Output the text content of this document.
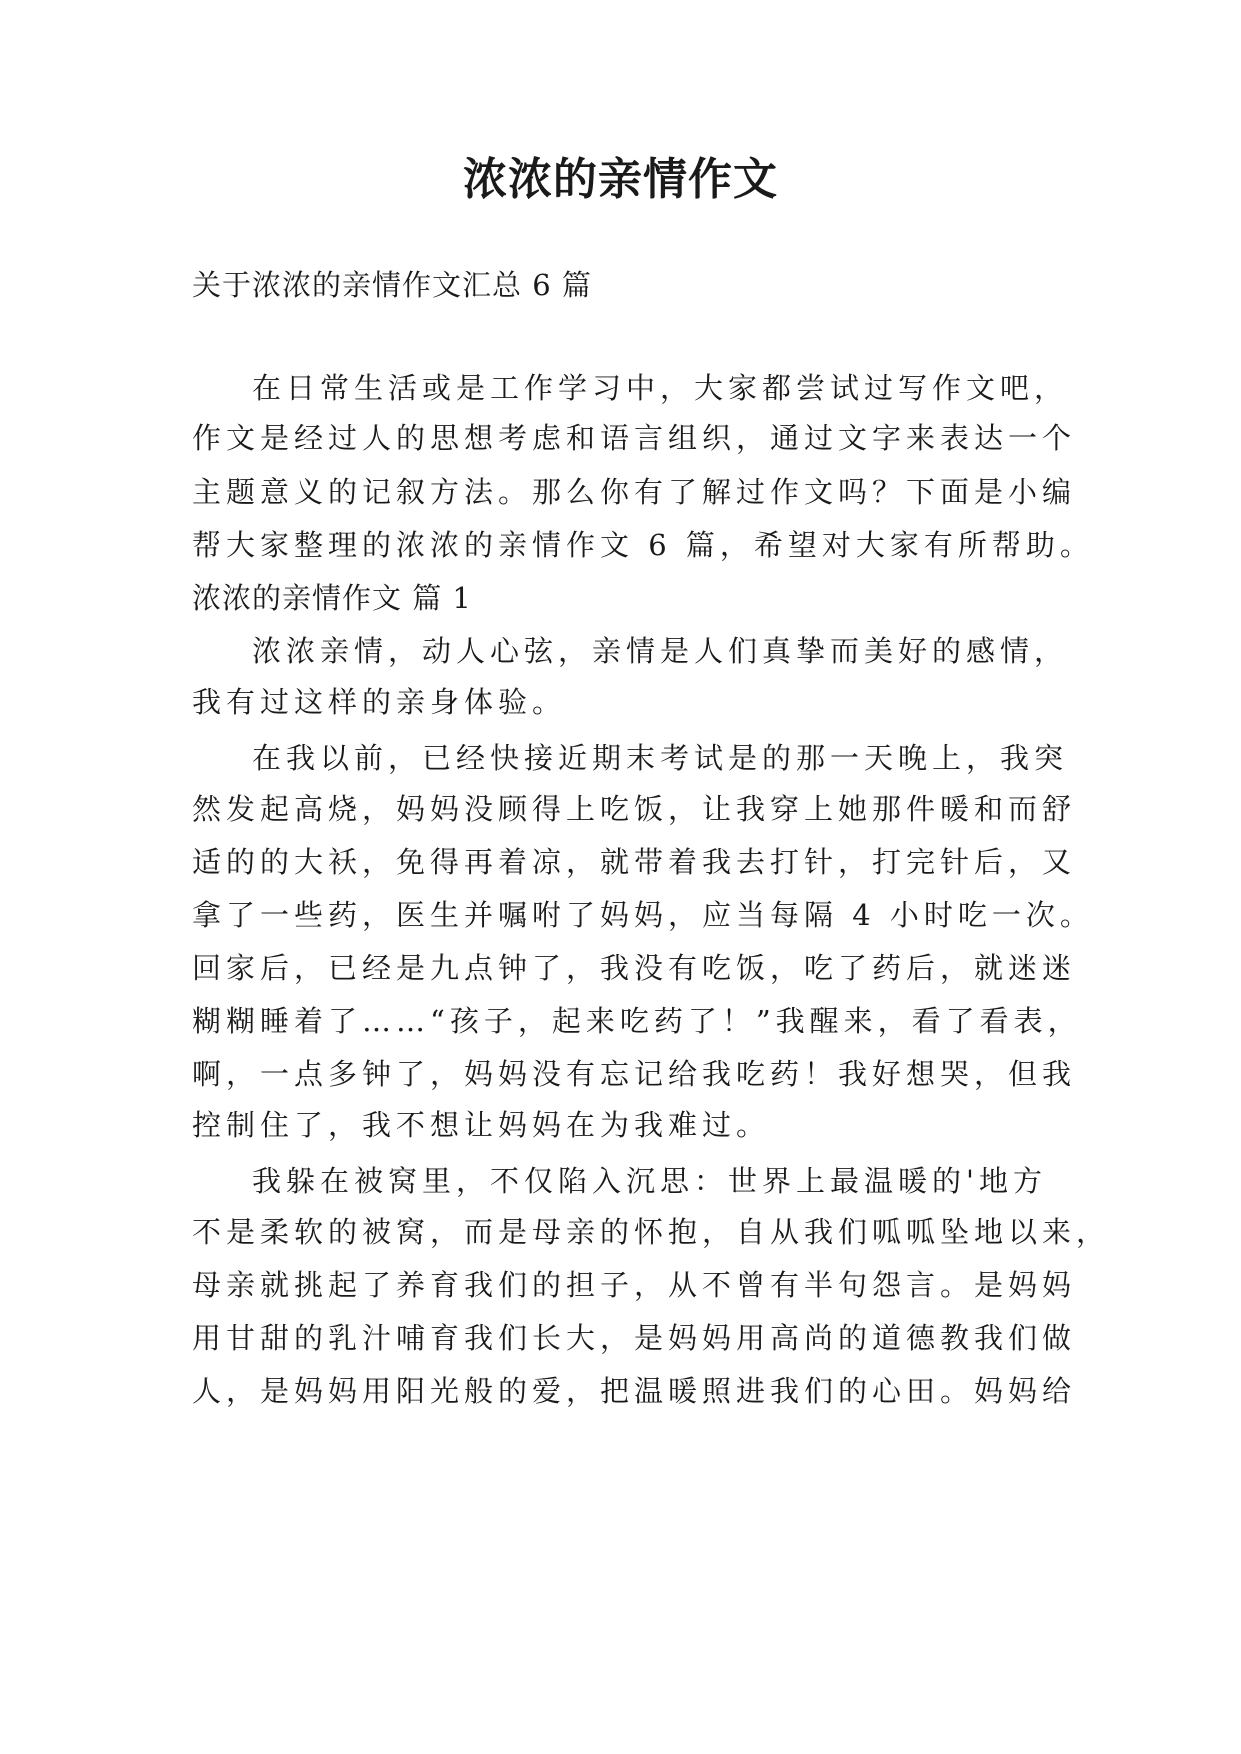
浓浓的亲情作文
关于浓浓的亲情作文汇总 6 篇
在日常生活或是工作学习中，大家都尝试过写作文吧，
作文是经过人的思想考虑和语言组织，通过文字来表达一个
主题意义的记叙方法。那么你有了解过作文吗？下面是小编
帮大家整理的浓浓的亲情作文 6 篇，希望对大家有所帮助。
浓浓的亲情作文 篇 1
浓浓亲情，动人心弦，亲情是人们真挚而美好的感情，
我有过这样的亲身体验。
在我以前，已经快接近期末考试是的那一天晚上，我突
然发起高烧，妈妈没顾得上吃饭，让我穿上她那件暖和而舒
适的的大袄，免得再着凉，就带着我去打针，打完针后，又
拿了一些药，医生并嘱咐了妈妈，应当每隔 4 小时吃一次。
回家后，已经是九点钟了，我没有吃饭，吃了药后，就迷迷
糊糊睡着了……“孩子，起来吃药了！”我醒来，看了看表，
啊，一点多钟了，妈妈没有忘记给我吃药！我好想哭，但我
控制住了，我不想让妈妈在为我难过。
我躲在被窝里，不仅陷入沉思：世界上最温暖的'地方
不是柔软的被窝，而是母亲的怀抱，自从我们呱呱坠地以来，
母亲就挑起了养育我们的担子，从不曾有半句怨言。是妈妈
用甘甜的乳汁哺育我们长大，是妈妈用高尚的道德教我们做
人，是妈妈用阳光般的爱，把温暖照进我们的心田。妈妈给
